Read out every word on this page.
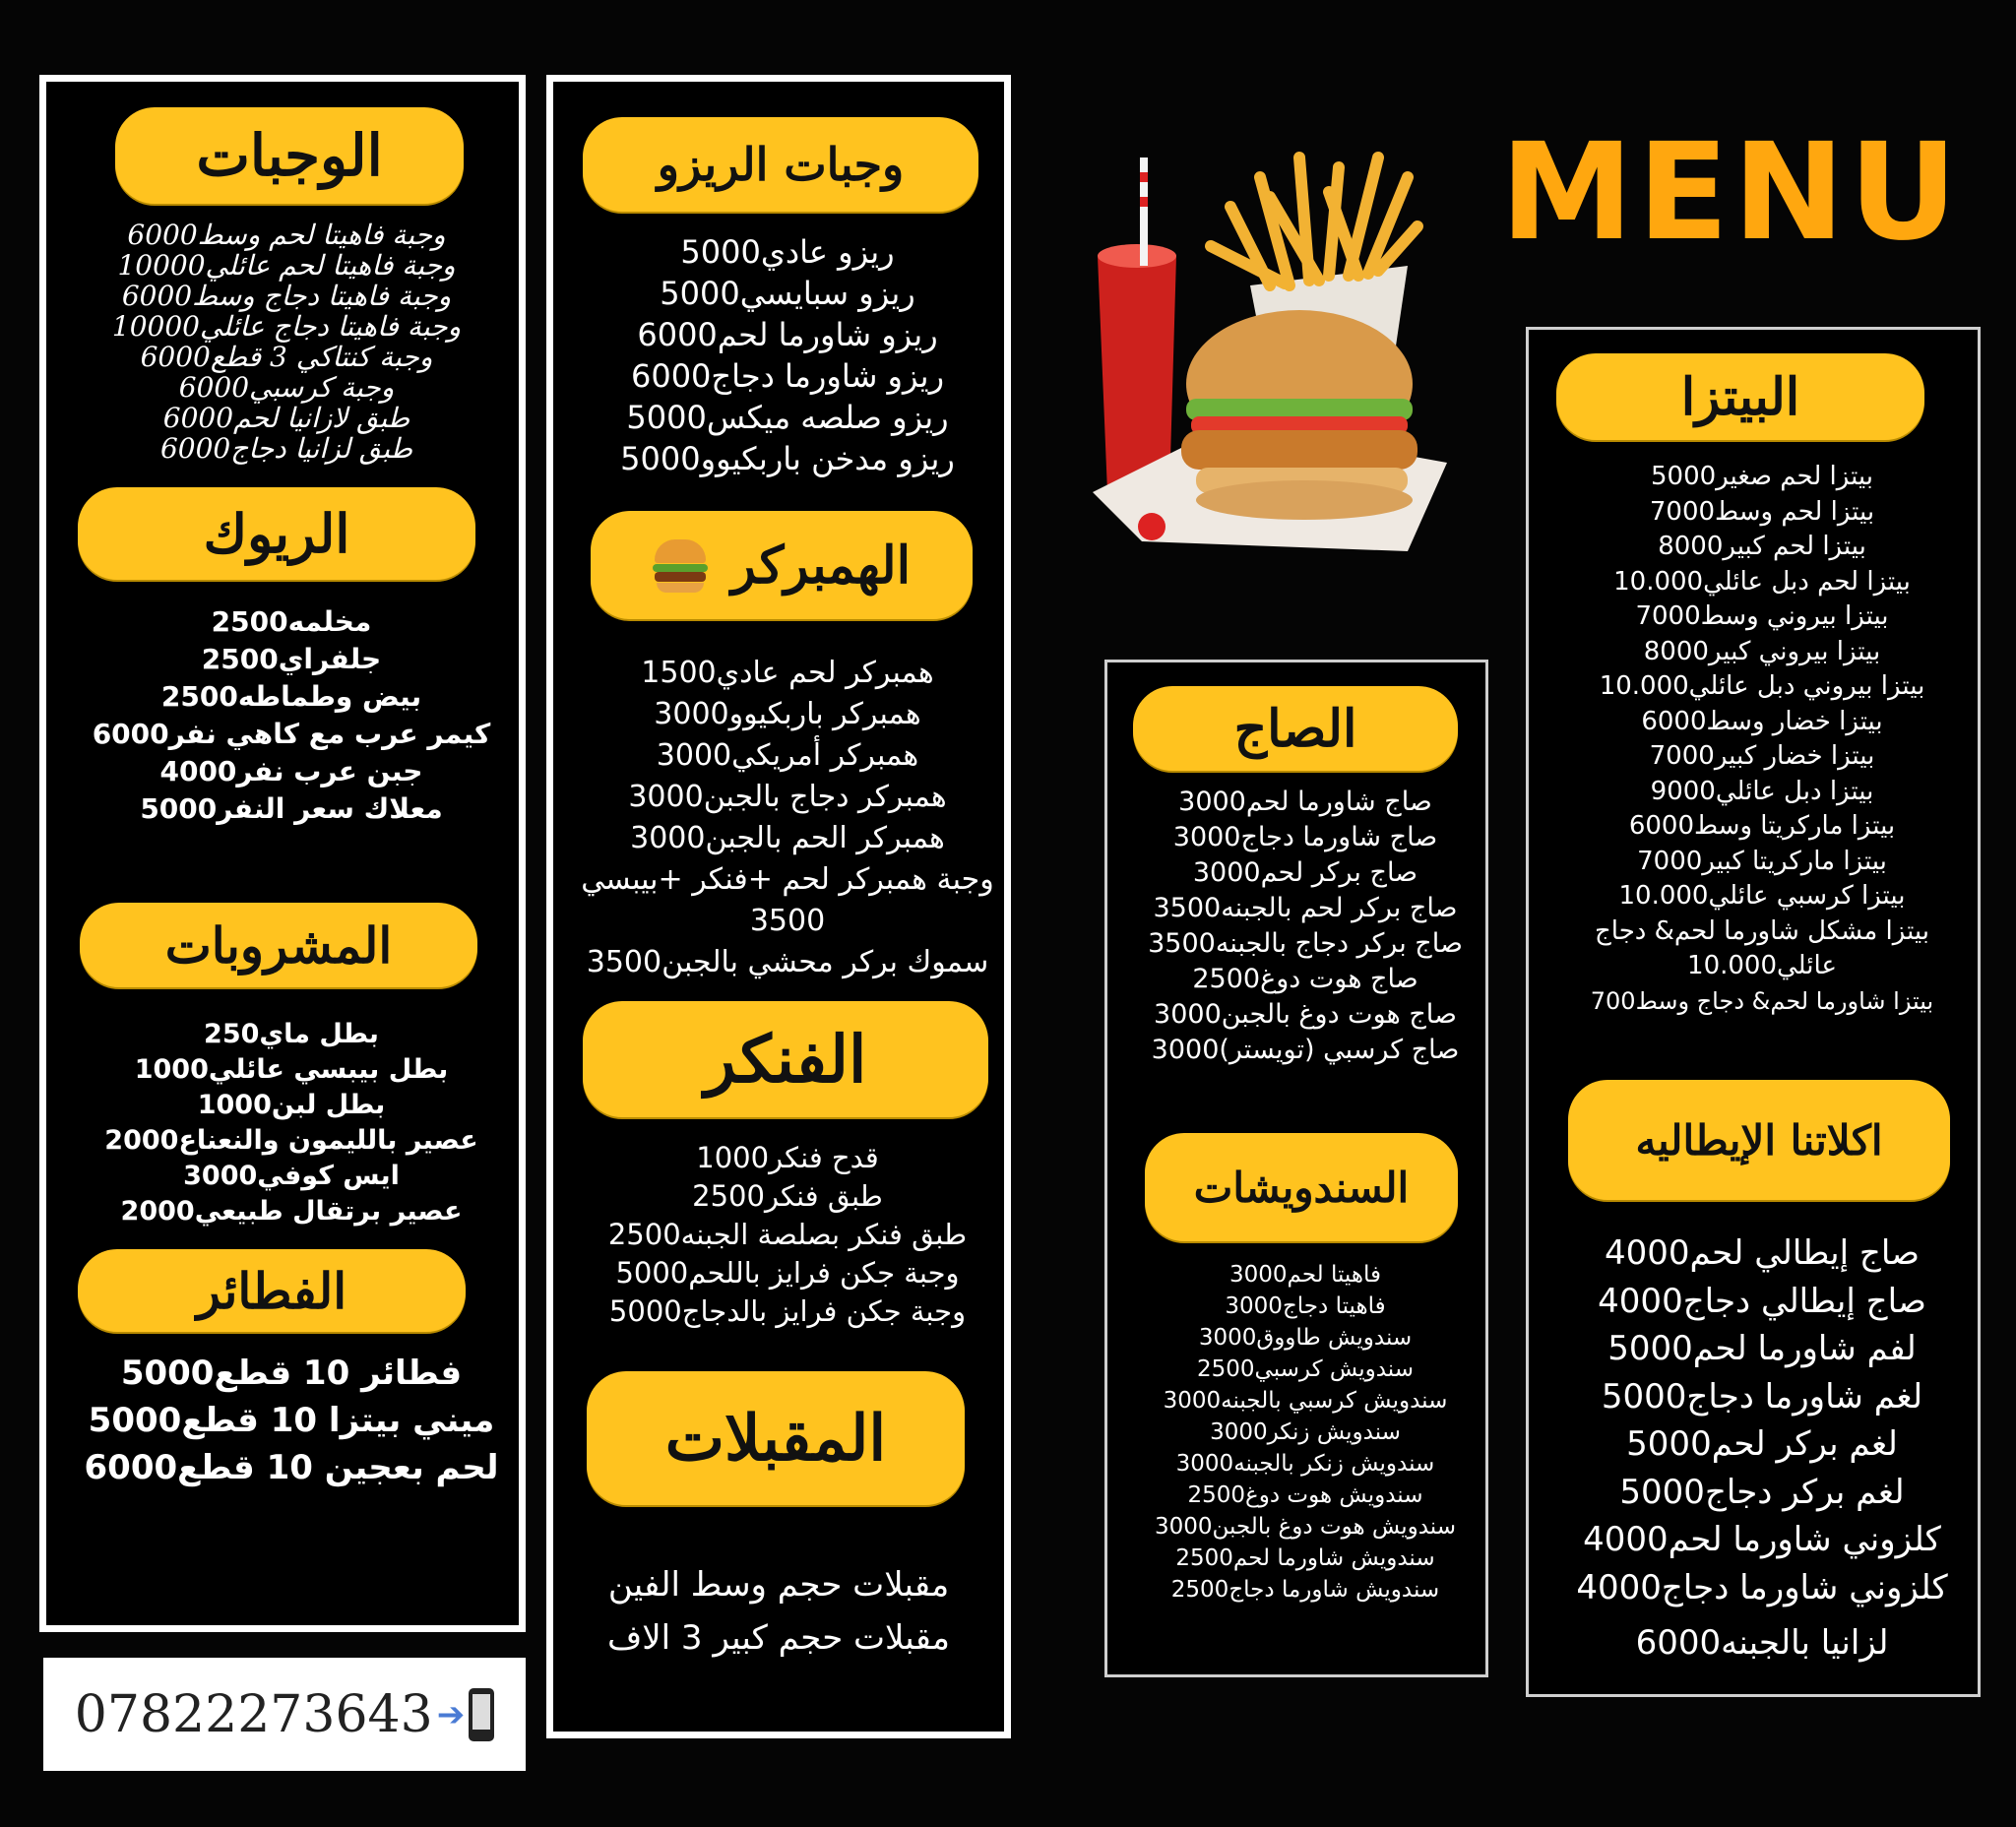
MENU
الوجبات
وجبة فاهيتا لحم وسط6000
وجبة فاهيتا لحم عائلي10000
وجبة فاهيتا دجاج وسط6000
وجبة فاهيتا دجاج عائلي10000
وجبة كنتاكي 3 قطع6000
وجبة كرسبي6000
طبق لازانيا لحم6000
طبق لزانيا دجاج6000
الريوك
مخلمه2500
جلفراي2500
بيض وطماطه2500
كيمر عرب مع كاهي نفر6000
جبن عرب نفر4000
معلاك سعر النفر5000
المشروبات
بطل ماي250
بطل بيبسي عائلي1000
بطل لبن1000
عصير بالليمون والنعناع2000
ايس كوفي3000
عصير برتقال طبيعي2000
الفطائر
فطائر 10 قطع5000
ميني بيتزا 10 قطع5000
لحم بعجين 10 قطع6000
07822273643 ➔
وجبات الريزو
ريزو عادي5000
ريزو سبايسي5000
ريزو شاورما لحم6000
ريزو شاورما دجاج6000
ريزو صلصه ميكس5000
ريزو مدخن باربكيوو5000
الهمبركر
همبركر لحم عادي1500
همبركر باربكيوو3000
همبركر أمريكي3000
همبركر دجاج بالجبن3000
همبركر الحم بالجبن3000
وجبة همبركر لحم +فنكر +بيبسي
3500
سموك بركر محشي بالجبن3500
الفنكر
قدح فنكر1000
طبق فنكر2500
طبق فنكر بصلصة الجبنه2500
وجبة جكن فرايز باللحم5000
وجبة جكن فرايز بالدجاج5000
المقبلات
مقبلات حجم وسط الفين
مقبلات حجم كبير 3 الاف
الصاج
صاج شاورما لحم3000
صاج شاورما دجاج3000
صاج بركر لحم3000
صاج بركر لحم بالجبنه3500
صاج بركر دجاج بالجبنه3500
صاج هوت دوغ2500
صاج هوت دوغ بالجبن3000
صاج كرسبي (تويستر)3000
السندويشات
فاهيتا لحم3000
فاهيتا دجاج3000
سندويش طاووق3000
سندويش كرسبي2500
سندويش كرسبي بالجبنه3000
سندويش زنكر3000
سندويش زنكر بالجبنه3000
سندويش هوت دوغ2500
سندويش هوت دوغ بالجبن3000
سندويش شاورما لحم2500
سندويش شاورما دجاج2500
البيتزا
بيتزا لحم صغير5000
بيتزا لحم وسط7000
بيتزا لحم كبير8000
بيتزا لحم دبل عائلي10.000
بيتزا بيروني وسط7000
بيتزا بيروني كبير8000
بيتزا بيروني دبل عائلي10.000
بيتزا خضار وسط6000
بيتزا خضار كبير7000
بيتزا دبل عائلي9000
بيتزا ماركريتا وسط6000
بيتزا ماركريتا كبير7000
بيتزا كرسبي عائلي10.000
بيتزا مشكل شاورما لحم& دجاج
عائلي10.000
بيتزا شاورما لحم& دجاج وسط700
اكلاتنا الإيطاليه
صاج إيطالي لحم4000
صاج إيطالي دجاج4000
لفم شاورما لحم5000
لغم شاورما دجاج5000
لغم بركر لحم5000
لغم بركر دجاج5000
كلزوني شاورما لحم4000
كلزوني شاورما دجاج4000
لزانيا بالجبنه6000
